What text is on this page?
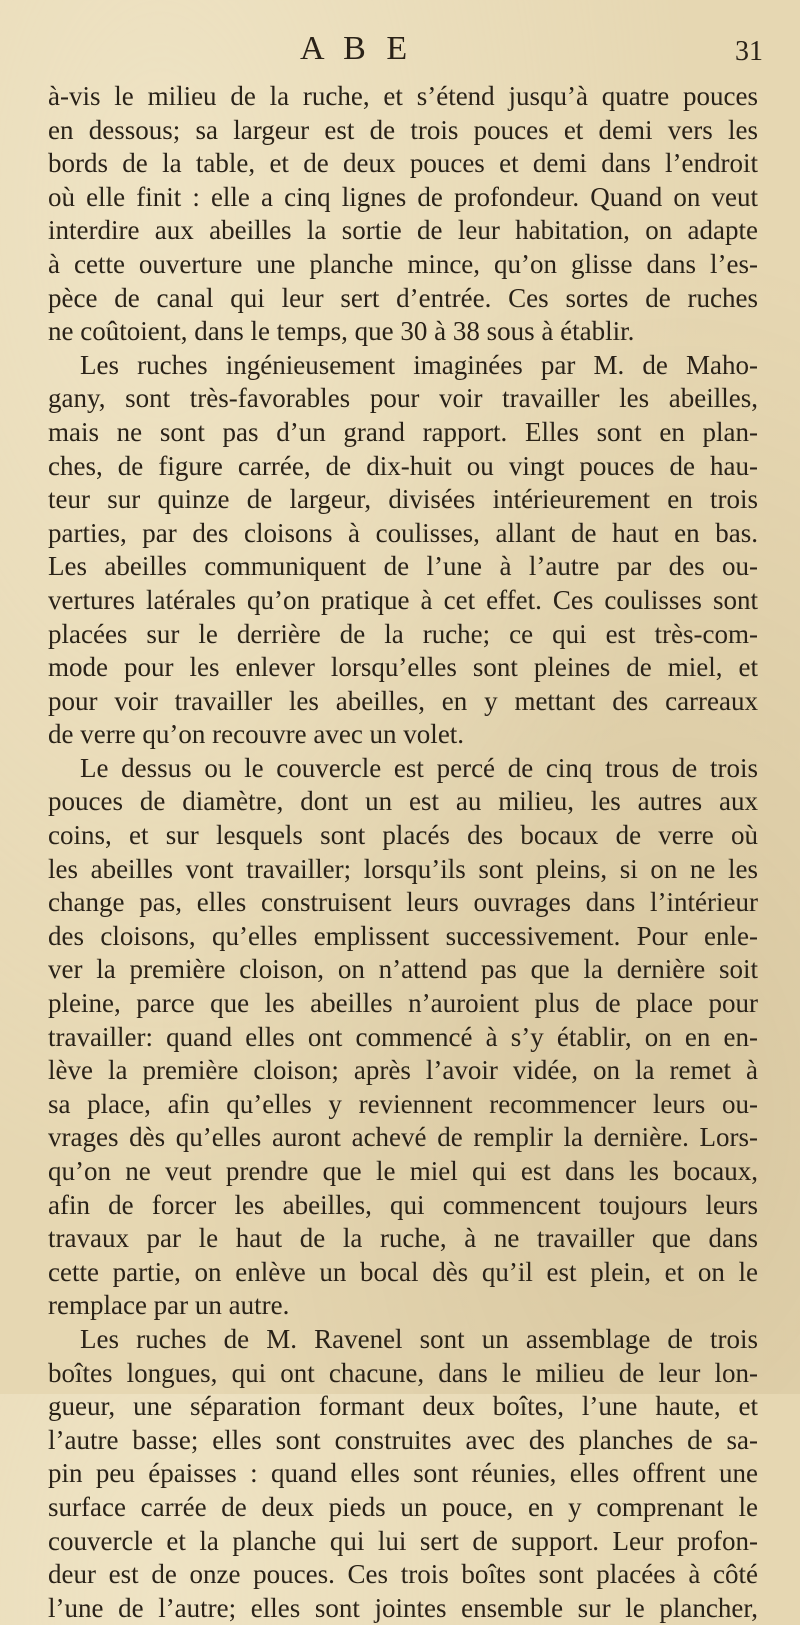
A B E	31
à-vis le milieu de la ruche, et s’étend jusqu’à quatre pouces
en dessous; sa largeur est de trois pouces et demi vers les
bords de la table, et de deux pouces et demi dans l’endroit
où elle finit : elle a cinq lignes de profondeur. Quand on veut
interdire aux abeilles la sortie de leur habitation, on adapte
à cette ouverture une planche mince, qu’on glisse dans l’es-
pèce de canal qui leur sert d’entrée. Ces sortes de ruches
ne coûtoient, dans le temps, que 30 à 38 sous à établir.
Les ruches ingénieusement imaginées par M. de Maho-
gany, sont très-favorables pour voir travailler les abeilles,
mais ne sont pas d’un grand rapport. Elles sont en plan-
ches, de figure carrée, de dix-huit ou vingt pouces de hau-
teur sur quinze de largeur, divisées intérieurement en trois
parties, par des cloisons à coulisses, allant de haut en bas.
Les abeilles communiquent de l’une à l’autre par des ou-
vertures latérales qu’on pratique à cet effet. Ces coulisses sont
placées sur le derrière de la ruche; ce qui est très-com-
mode pour les enlever lorsqu’elles sont pleines de miel, et
pour voir travailler les abeilles, en y mettant des carreaux
de verre qu’on recouvre avec un volet.
Le dessus ou le couvercle est percé de cinq trous de trois
pouces de diamètre, dont un est au milieu, les autres aux
coins, et sur lesquels sont placés des bocaux de verre où
les abeilles vont travailler; lorsqu’ils sont pleins, si on ne les
change pas, elles construisent leurs ouvrages dans l’intérieur
des cloisons, qu’elles emplissent successivement. Pour enle-
ver la première cloison, on n’attend pas que la dernière soit
pleine, parce que les abeilles n’auroient plus de place pour
travailler: quand elles ont commencé à s’y établir, on en en-
lève la première cloison; après l’avoir vidée, on la remet à
sa place, afin qu’elles y reviennent recommencer leurs ou-
vrages dès qu’elles auront achevé de remplir la dernière. Lors-
qu’on ne veut prendre que le miel qui est dans les bocaux,
afin de forcer les abeilles, qui commencent toujours leurs
travaux par le haut de la ruche, à ne travailler que dans
cette partie, on enlève un bocal dès qu’il est plein, et on le
remplace par un autre.
Les ruches de M. Ravenel sont un assemblage de trois
boîtes longues, qui ont chacune, dans le milieu de leur lon-
gueur, une séparation formant deux boîtes, l’une haute, et
l’autre basse; elles sont construites avec des planches de sa-
pin peu épaisses : quand elles sont réunies, elles offrent une
surface carrée de deux pieds un pouce, en y comprenant le
couvercle et la planche qui lui sert de support. Leur profon-
deur est de onze pouces. Ces trois boîtes sont placées à côté
l’une de l’autre; elles sont jointes ensemble sur le plancher,
